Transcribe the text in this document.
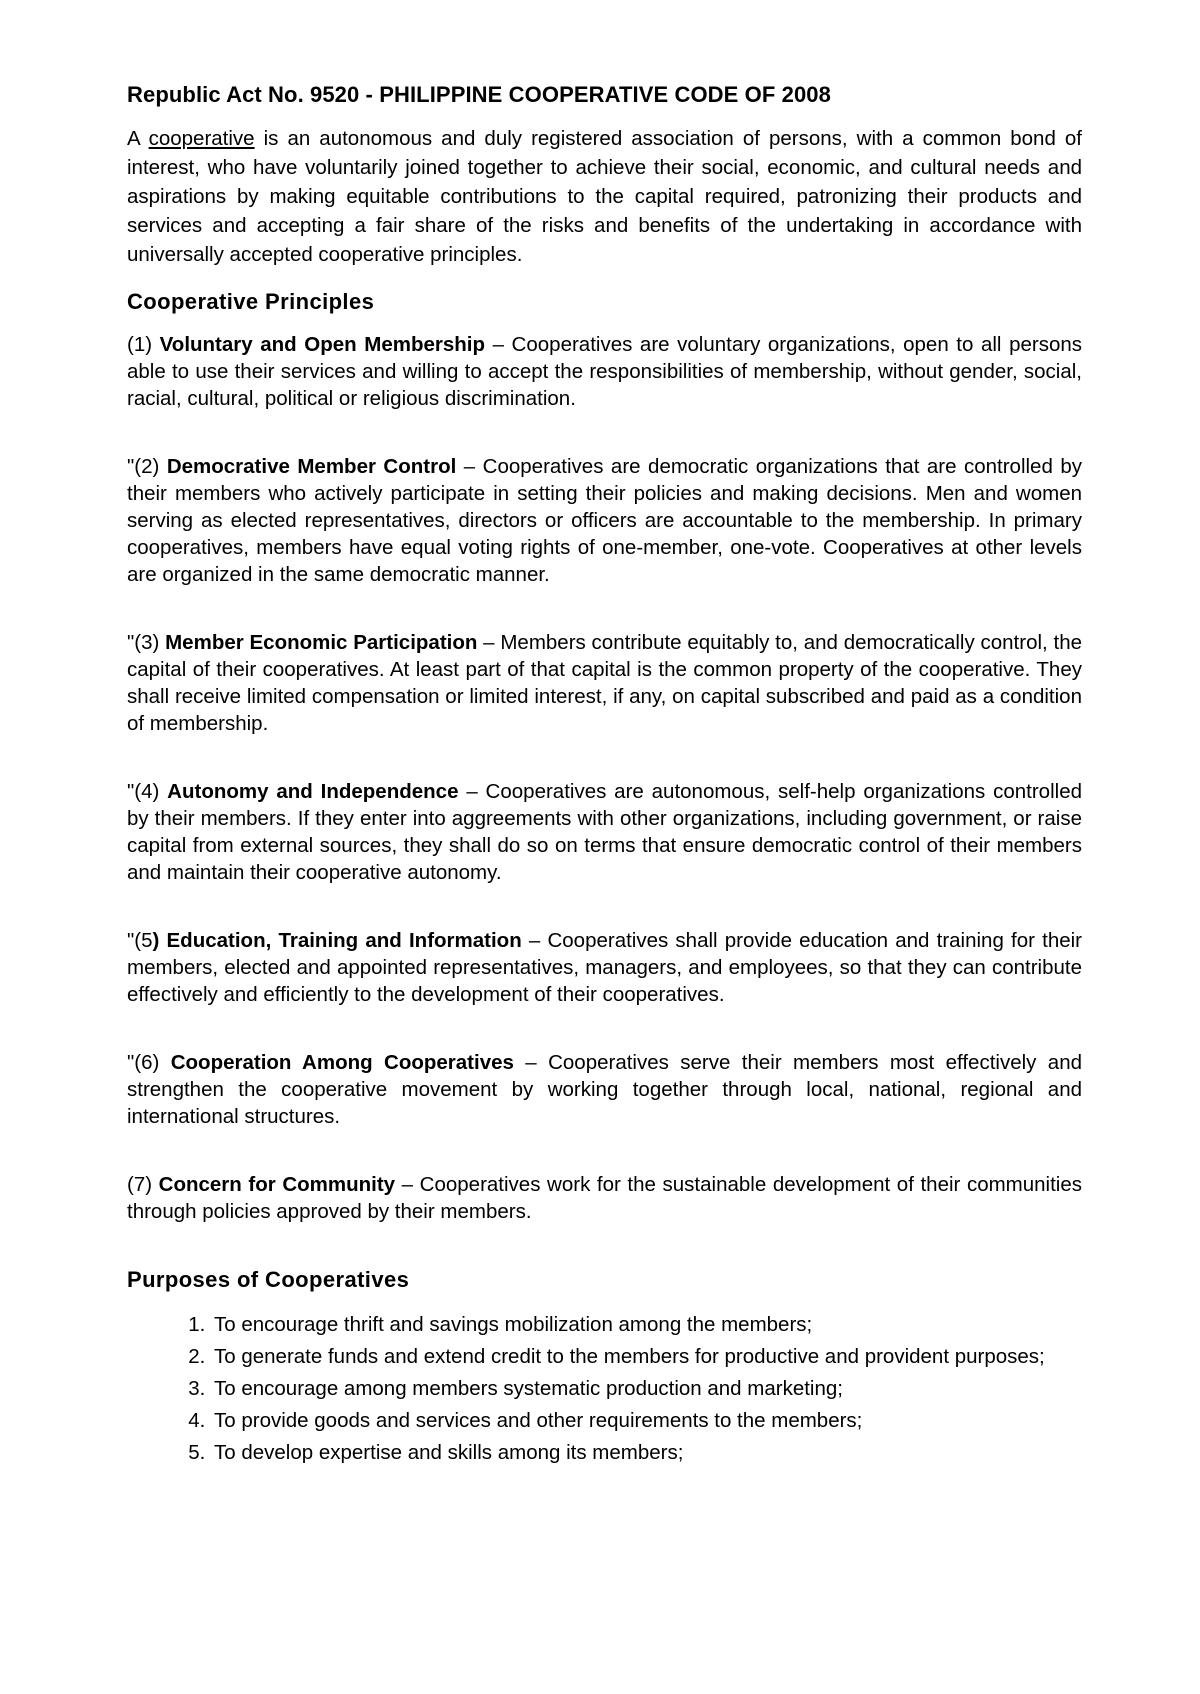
Republic Act No. 9520 - PHILIPPINE COOPERATIVE CODE OF 2008

A cooperative is an autonomous and duly registered association of persons, with a common bond of interest, who have voluntarily joined together to achieve their social, economic, and cultural needs and aspirations by making equitable contributions to the capital required, patronizing their products and services and accepting a fair share of the risks and benefits of the undertaking in accordance with universally accepted cooperative principles.

Cooperative Principles

(1) Voluntary and Open Membership – Cooperatives are voluntary organizations, open to all persons able to use their services and willing to accept the responsibilities of membership, without gender, social, racial, cultural, political or religious discrimination.

"(2) Democrative Member Control – Cooperatives are democratic organizations that are controlled by their members who actively participate in setting their policies and making decisions. Men and women serving as elected representatives, directors or officers are accountable to the membership. In primary cooperatives, members have equal voting rights of one-member, one-vote. Cooperatives at other levels are organized in the same democratic manner.

"(3) Member Economic Participation – Members contribute equitably to, and democratically control, the capital of their cooperatives. At least part of that capital is the common property of the cooperative. They shall receive limited compensation or limited interest, if any, on capital subscribed and paid as a condition of membership.

"(4) Autonomy and Independence – Cooperatives are autonomous, self-help organizations controlled by their members. If they enter into aggreements with other organizations, including government, or raise capital from external sources, they shall do so on terms that ensure democratic control of their members and maintain their cooperative autonomy.

"(5) Education, Training and Information – Cooperatives shall provide education and training for their members, elected and appointed representatives, managers, and employees, so that they can contribute effectively and efficiently to the development of their cooperatives.

"(6) Cooperation Among Cooperatives – Cooperatives serve their members most effectively and strengthen the cooperative movement by working together through local, national, regional and international structures.

(7) Concern for Community – Cooperatives work for the sustainable development of their communities through policies approved by their members.

Purposes of Cooperatives
1. To encourage thrift and savings mobilization among the members;
2. To generate funds and extend credit to the members for productive and provident purposes;
3. To encourage among members systematic production and marketing;
4. To provide goods and services and other requirements to the members;
5. To develop expertise and skills among its members;
